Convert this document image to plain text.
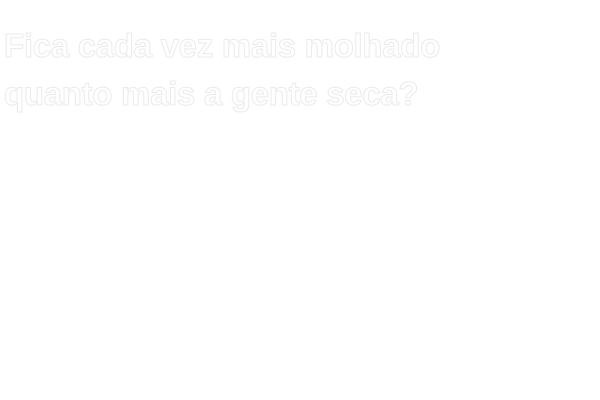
Fica cada vez mais molhado
quanto mais a gente seca?
